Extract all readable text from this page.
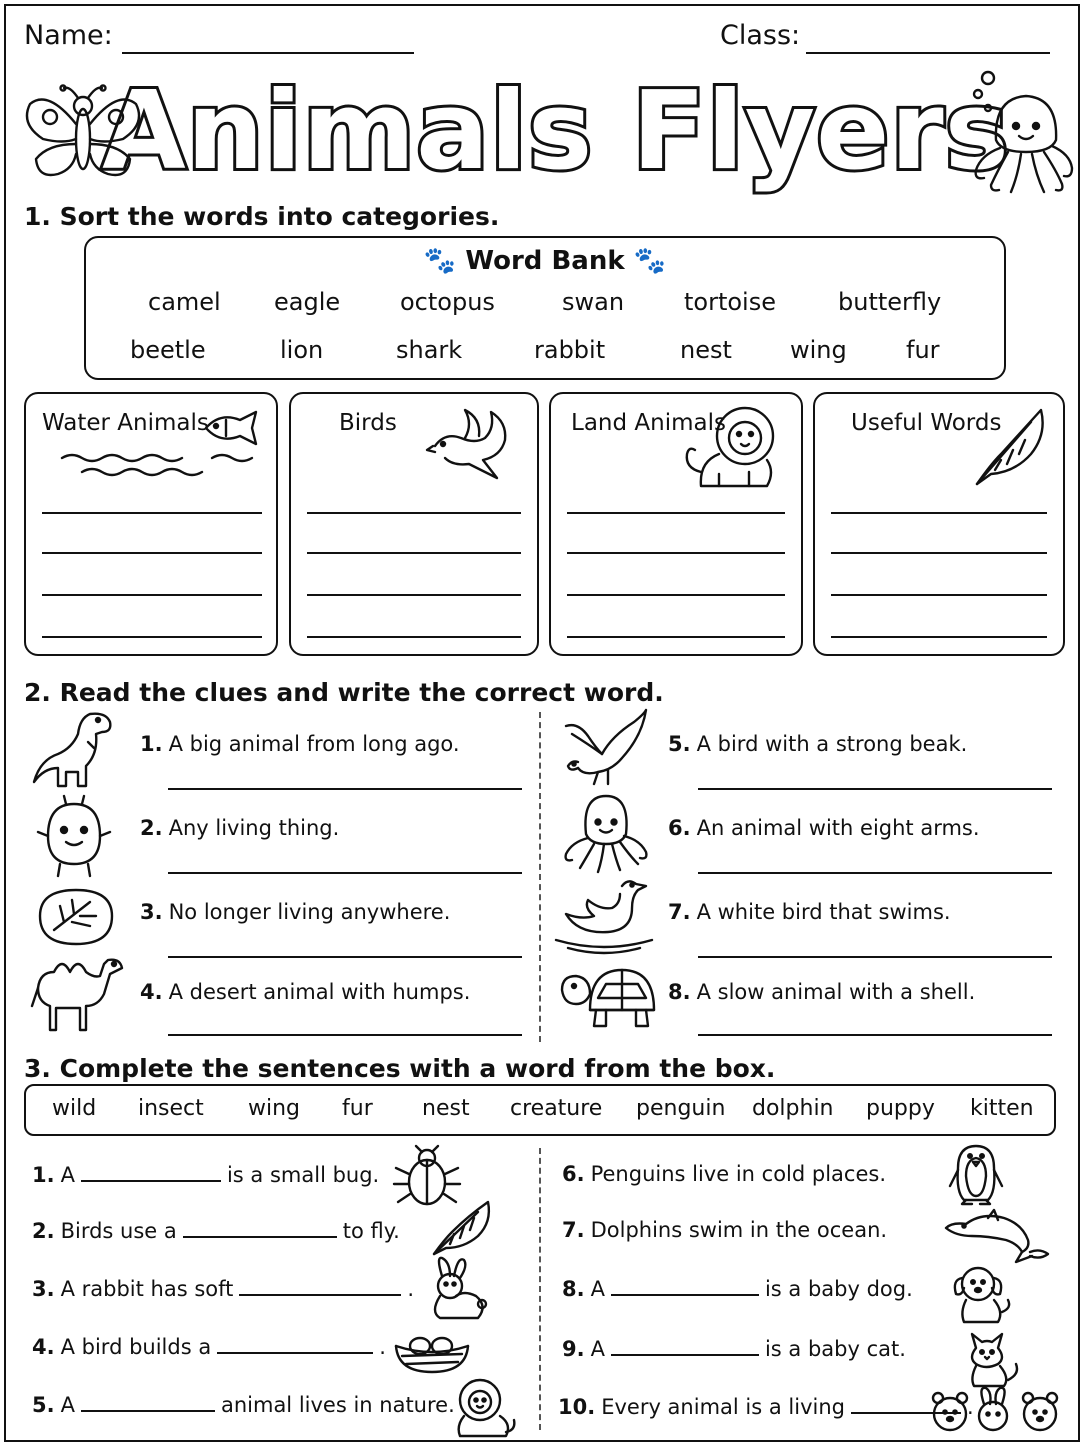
Name:	Class:
Animals Flyers
1. Sort the words into categories.
🐾 Word Bank 🐾
camel eagle octopus	swan tortoise	butterfly
beetle	lion	shark	rabbit	nest wing fur
Water Animals	Birds	Land Animals	Useful Words
2. Read the clues and write the correct word.
1. A big animal from long ago.
2. Any living thing.
3. No longer living anywhere.
4. A desert animal with humps.
5. A bird with a strong beak.
6. An animal with eight arms.
7. A white bird that swims.
8. A slow animal with a shell.
3. Complete the sentences with a word from the box.
wild insect wing fur nest creature penguin dolphin puppy kitten
1. A	is a small bug.
2. Birds use a	to fly.
3. A rabbit has soft	.
4. A bird builds a	.
5. A	animal lives in nature.
6. Penguins live in cold places.
7. Dolphins swim in the ocean.
8. A	is a baby dog.
9. A	is a baby cat.
10. Every animal is a living	.
